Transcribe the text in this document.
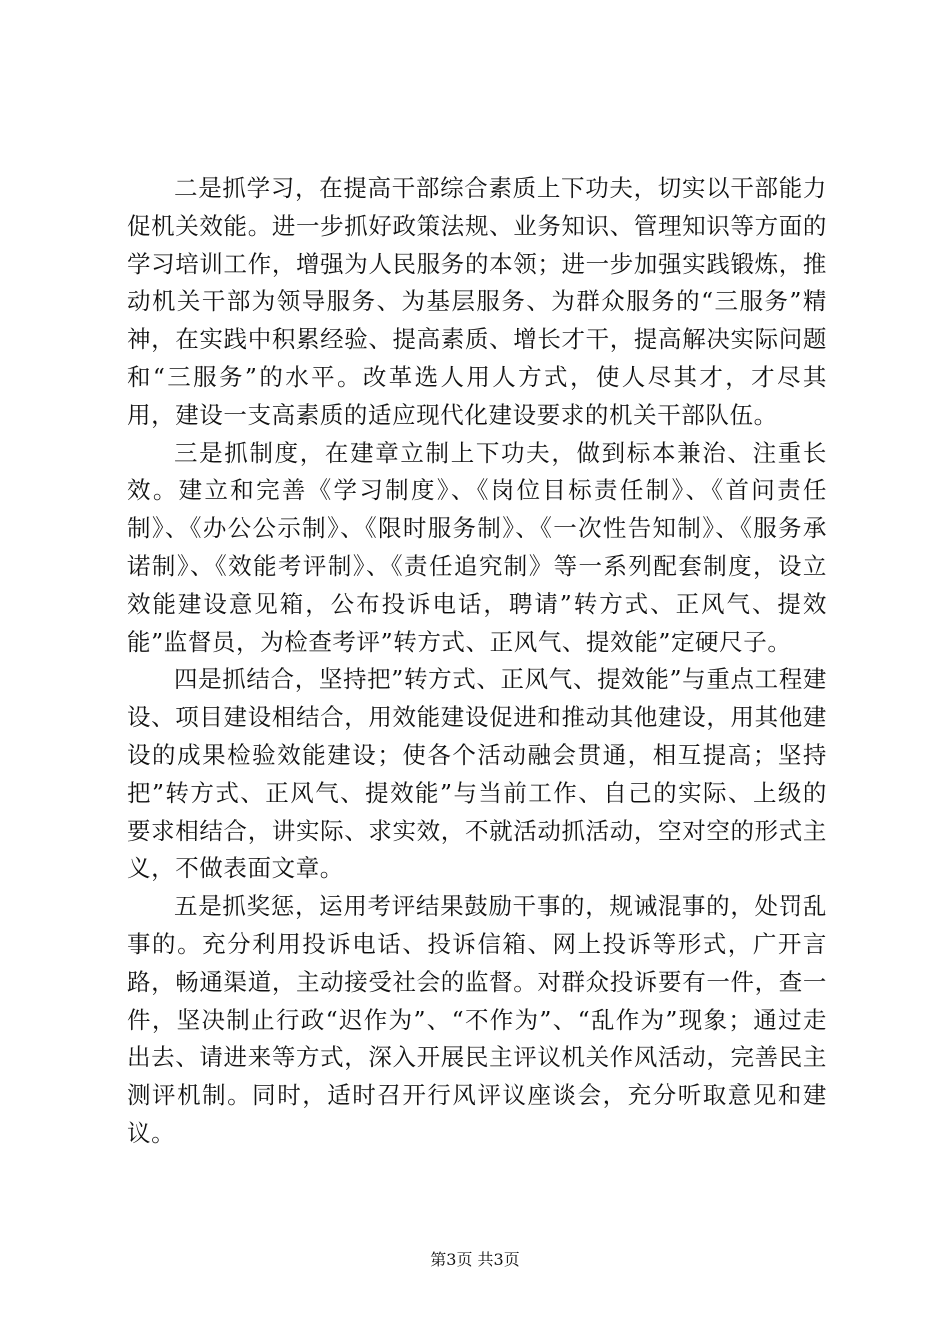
二是抓学习，在提高干部综合素质上下功夫，切实以干部能力促机关效能。进一步抓好政策法规、业务知识、管理知识等方面的学习培训工作，增强为人民服务的本领；进一步加强实践锻炼，推动机关干部为领导服务、为基层服务、为群众服务的“三服务”精神，在实践中积累经验、提高素质、增长才干，提高解决实际问题和“三服务”的水平。改革选人用人方式，使人尽其才，才尽其用，建设一支高素质的适应现代化建设要求的机关干部队伍。

三是抓制度，在建章立制上下功夫，做到标本兼治、注重长效。建立和完善《学习制度》、《岗位目标责任制》、《首问责任制》、《办公公示制》、《限时服务制》、《一次性告知制》、《服务承诺制》、《效能考评制》、《责任追究制》等一系列配套制度，设立效能建设意见箱，公布投诉电话，聘请”转方式、正风气、提效能”监督员，为检查考评”转方式、正风气、提效能”定硬尺子。

四是抓结合，坚持把”转方式、正风气、提效能”与重点工程建设、项目建设相结合，用效能建设促进和推动其他建设，用其他建设的成果检验效能建设；使各个活动融会贯通，相互提高；坚持把”转方式、正风气、提效能”与当前工作、自己的实际、上级的要求相结合，讲实际、求实效，不就活动抓活动，空对空的形式主义，不做表面文章。

五是抓奖惩，运用考评结果鼓励干事的，规诫混事的，处罚乱事的。充分利用投诉电话、投诉信箱、网上投诉等形式，广开言路，畅通渠道，主动接受社会的监督。对群众投诉要有一件，查一件，坚决制止行政“迟作为”、“不作为”、“乱作为”现象；通过走出去、请进来等方式，深入开展民主评议机关作风活动，完善民主测评机制。同时，适时召开行风评议座谈会，充分听取意见和建议。

第3页 共3页
